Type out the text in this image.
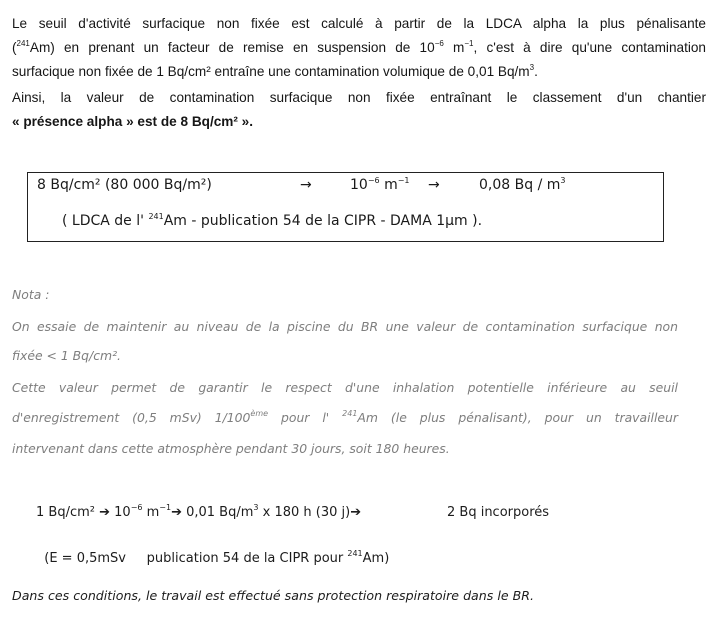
Le seuil d'activité surfacique non fixée est calculé à partir de la LDCA alpha la plus pénalisante
($^{241}$Am) en prenant un facteur de remise en suspension de $10^{-6}$ $m^{-1}$, c'est à dire qu'une contamination
surfacique non fixée de 1 Bq/cm² entraîne une contamination volumique de 0,01 $Bq/m^3$.
Ainsi, la valeur de contamination surfacique non fixée entraînant le classement d'un chantier
« présence alpha » est de 8 Bq/cm² ».
8 Bq/cm² (80 000 Bq/m²)	→	$10^{-6}$ $m^{-1}$ →	0,08 Bq / $m^3$
( LDCA de l' $^{241}$Am - publication 54 de la CIPR - DAMA 1µm ).
Nota :
On essaie de maintenir au niveau de la piscine du BR une valeur de contamination surfacique non
fixée < 1 Bq/cm².
Cette valeur permet de garantir le respect d'une inhalation potentielle inférieure au seuil
d'enregistrement (0,5 mSv) 1/100ème pour l' $^{241}$Am (le plus pénalisant), pour un travailleur
intervenant dans cette atmosphère pendant 30 jours, soit 180 heures.
1 Bq/cm² ➔ $10^{-6}$ $m^{-1}➔$ 0,01 $Bq/m^3$ x 180 h (30 j)➔	2 Bq incorporés

(E = 0,5mSv     publication 54 de la CIPR pour $^{241}$Am)

Dans ces conditions, le travail est effectué sans protection respiratoire dans le BR.
